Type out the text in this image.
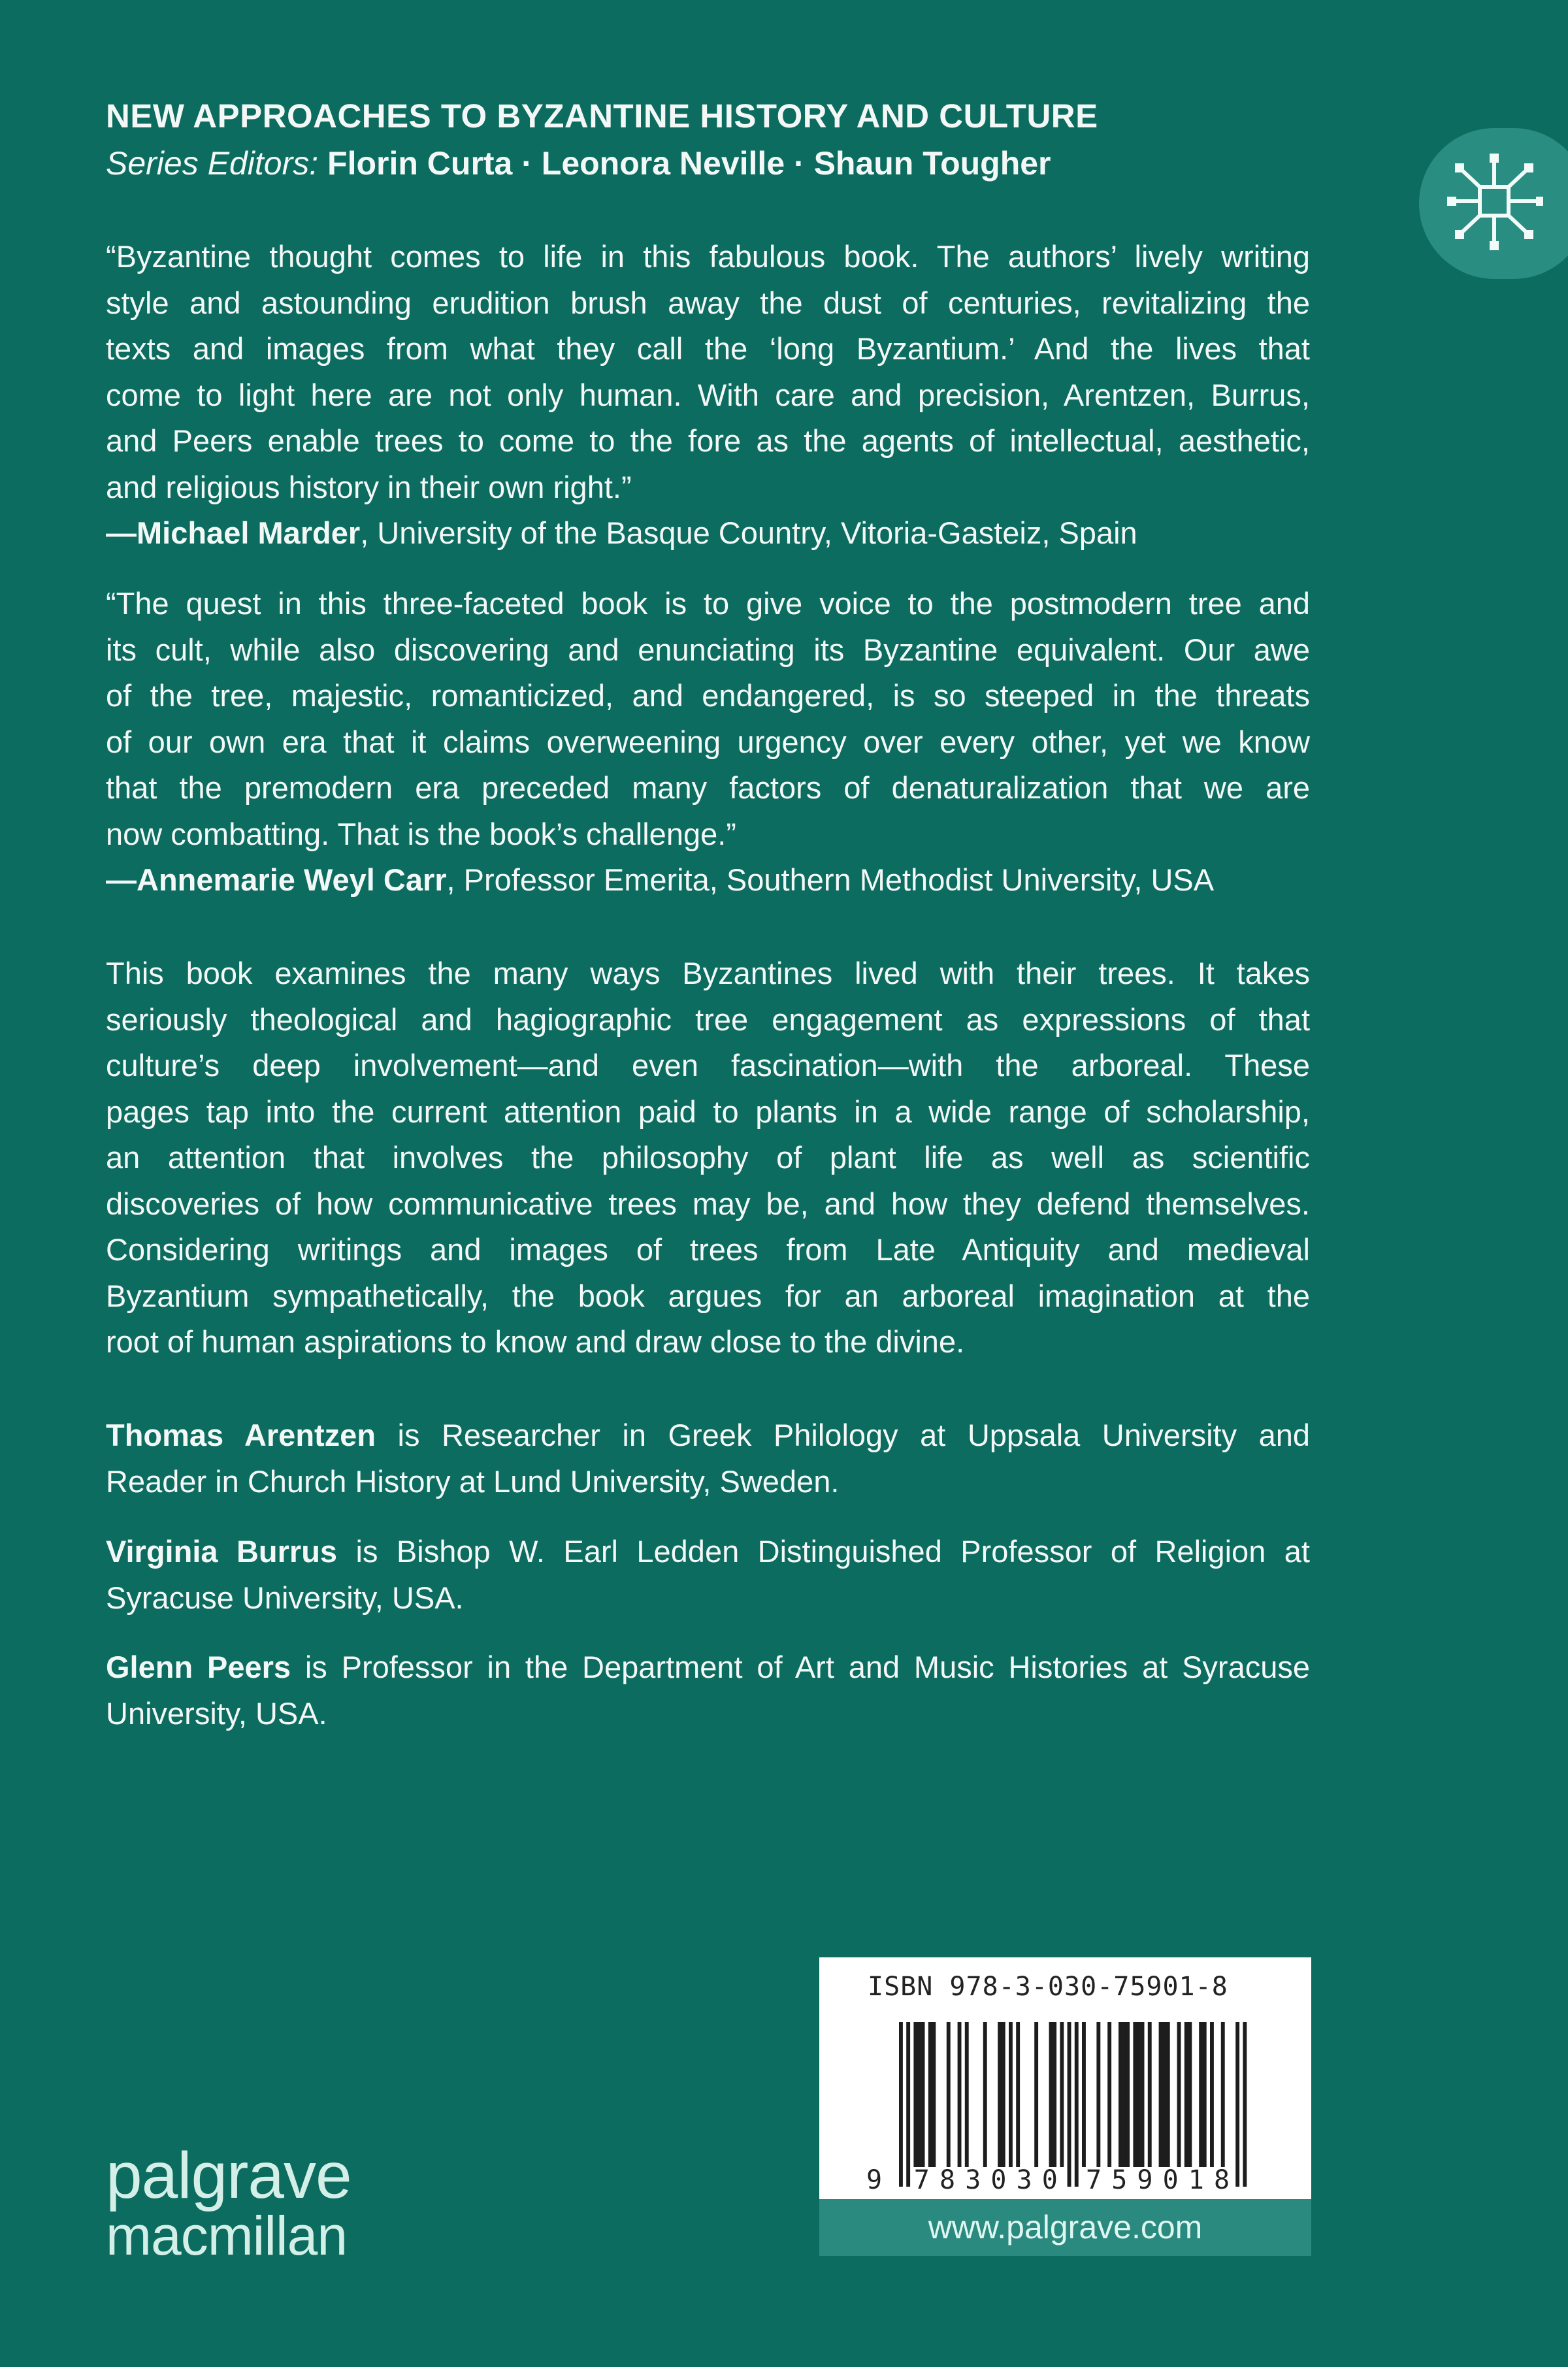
NEW APPROACHES TO BYZANTINE HISTORY AND CULTURE
Series Editors: Florin Curta · Leonora Neville · Shaun Tougher
“Byzantine thought comes to life in this fabulous book. The authors’ lively writing
style and astounding erudition brush away the dust of centuries, revitalizing the
texts and images from what they call the ‘long Byzantium.’ And the lives that
come to light here are not only human. With care and precision, Arentzen, Burrus,
and Peers enable trees to come to the fore as the agents of intellectual, aesthetic,
and religious history in their own right.”
—Michael Marder, University of the Basque Country, Vitoria-Gasteiz, Spain
“The quest in this three-faceted book is to give voice to the postmodern tree and
its cult, while also discovering and enunciating its Byzantine equivalent. Our awe
of the tree, majestic, romanticized, and endangered, is so steeped in the threats
of our own era that it claims overweening urgency over every other, yet we know
that the premodern era preceded many factors of denaturalization that we are
now combatting. That is the book’s challenge.”
—Annemarie Weyl Carr, Professor Emerita, Southern Methodist University, USA
This book examines the many ways Byzantines lived with their trees. It takes
seriously theological and hagiographic tree engagement as expressions of that
culture’s deep involvement—and even fascination—with the arboreal. These
pages tap into the current attention paid to plants in a wide range of scholarship,
an attention that involves the philosophy of plant life as well as scientific
discoveries of how communicative trees may be, and how they defend themselves.
Considering writings and images of trees from Late Antiquity and medieval
Byzantium sympathetically, the book argues for an arboreal imagination at the
root of human aspirations to know and draw close to the divine.
Thomas Arentzen is Researcher in Greek Philology at Uppsala University and
Reader in Church History at Lund University, Sweden.
Virginia Burrus is Bishop W. Earl Ledden Distinguished Professor of Religion at
Syracuse University, USA.
Glenn Peers is Professor in the Department of Art and Music Histories at Syracuse
University, USA.
ISBN 978-3-030-75901-8
9 7 8 3 0 3 0 7 5 9 0 1 8
www.palgrave.com
palgrave
macmillan
